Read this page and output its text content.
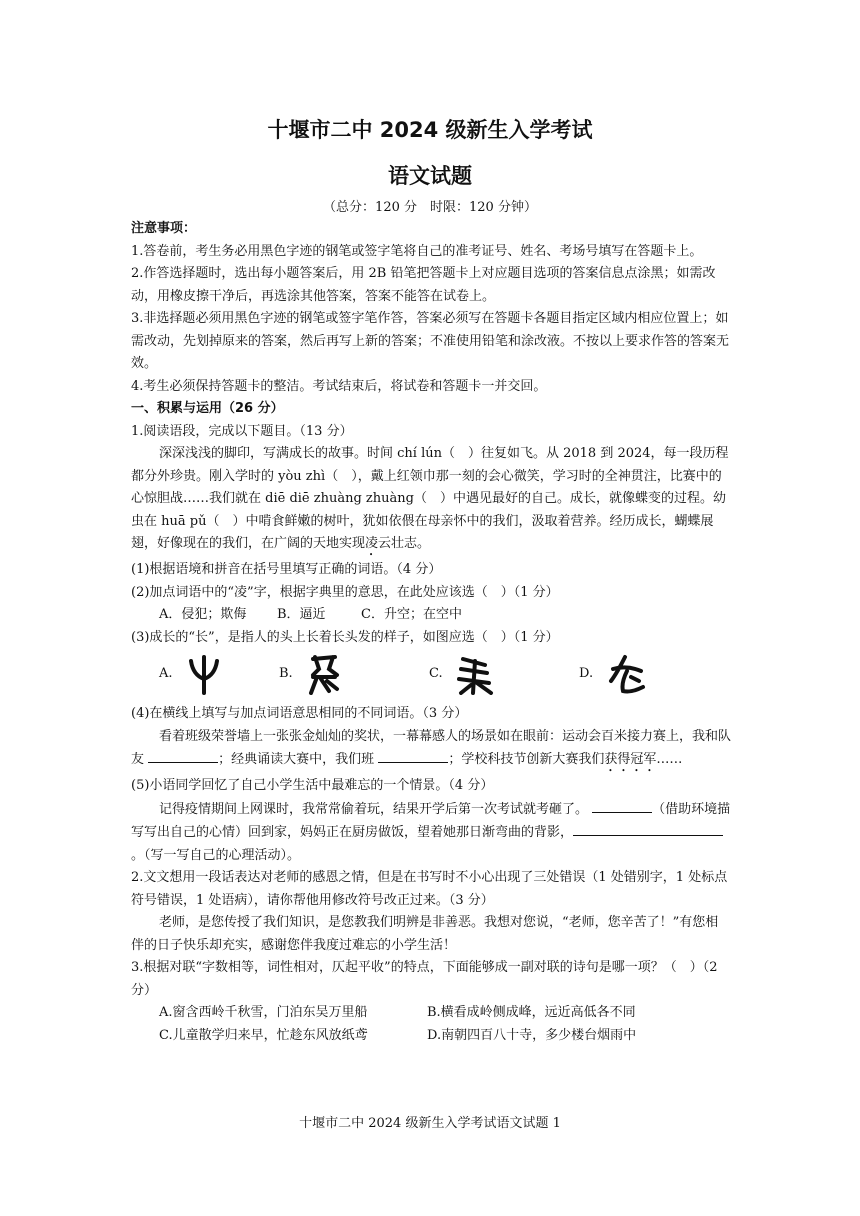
十堰市二中 2024 级新生入学考试
语文试题
（总分：120 分　时限：120 分钟）

注意事项：

1.答卷前，考生务必用黑色字迹的钢笔或签字笔将自己的准考证号、姓名、考场号填写在答题卡上。

2.作答选择题时，选出每小题答案后，用 2B 铅笔把答题卡上对应题目选项的答案信息点涂黑；如需改动，用橡皮擦干净后，再选涂其他答案，答案不能答在试卷上。

3.非选择题必须用黑色字迹的钢笔或签字笔作答，答案必须写在答题卡各题目指定区域内相应位置上；如需改动，先划掉原来的答案，然后再写上新的答案；不准使用铅笔和涂改液。不按以上要求作答的答案无效。

4.考生必须保持答题卡的整洁。考试结束后，将试卷和答题卡一并交回。

一、积累与运用（26 分）

1.阅读语段，完成以下题目。（13 分）

深深浅浅的脚印，写满成长的故事。时间 chí lún（　）往复如飞。从 2018 到 2024，每一段历程都分外珍贵。刚入学时的 yòu zhì（　），戴上红领巾那一刻的会心微笑，学习时的全神贯注，比赛中的心惊胆战……我们就在 diē diē zhuàng zhuàng（　）中遇见最好的自己。成长，就像蝶变的过程。幼虫在 huā pǔ（　）中啃食鲜嫩的树叶，犹如依偎在母亲怀中的我们，汲取着营养。经历成长，蝴蝶展翅，好像现在的我们，在广阔的天地实现凌云壮志。

(1)根据语境和拼音在括号里填写正确的词语。（4 分）

(2)加点词语中的“凌”字，根据字典里的意思，在此处应该选（　）（1 分）

A．侵犯；欺侮 B．逼近	C．升空；在空中

(3)成长的“长”，是指人的头上长着长头发的样子，如图应选（　）（1 分）

A.	B.	C.	D.

(4)在横线上填写与加点词语意思相同的不同词语。（3 分）

看着班级荣誉墙上一张张金灿灿的奖状，一幕幕感人的场景如在眼前：运动会百米接力赛上，我和队友	；经典诵读大赛中，我们班	；学校科技节创新大赛我们获得冠军……

(5)小语同学回忆了自己小学生活中最难忘的一个情景。（4 分）

记得疫情期间上网课时，我常常偷着玩，结果开学后第一次考试就考砸了。	（借助环境描写写出自己的心情）回到家，妈妈正在厨房做饭，望着她那日渐弯曲的背影，。（写一写自己的心理活动）。

2.文文想用一段话表达对老师的感恩之情，但是在书写时不小心出现了三处错误（1 处错别字，1 处标点符号错误，1 处语病），请你帮他用修改符号改正过来。（3 分）

老师，是您传授了我们知识，是您教我们明辨是非善恶。我想对您说，“老师，您辛苦了！”有您相伴的日子快乐却充实，感谢您伴我度过难忘的小学生活！

3.根据对联“字数相等，词性相对，仄起平收”的特点，下面能够成一副对联的诗句是哪一项？（　）（2 分）

A.窗含西岭千秋雪，门泊东吴万里船	B.横看成岭侧成峰，远近高低各不同

C.儿童散学归来早，忙趁东风放纸鸢	D.南朝四百八十寺，多少楼台烟雨中

十堰市二中 2024 级新生入学考试语文试题 1
